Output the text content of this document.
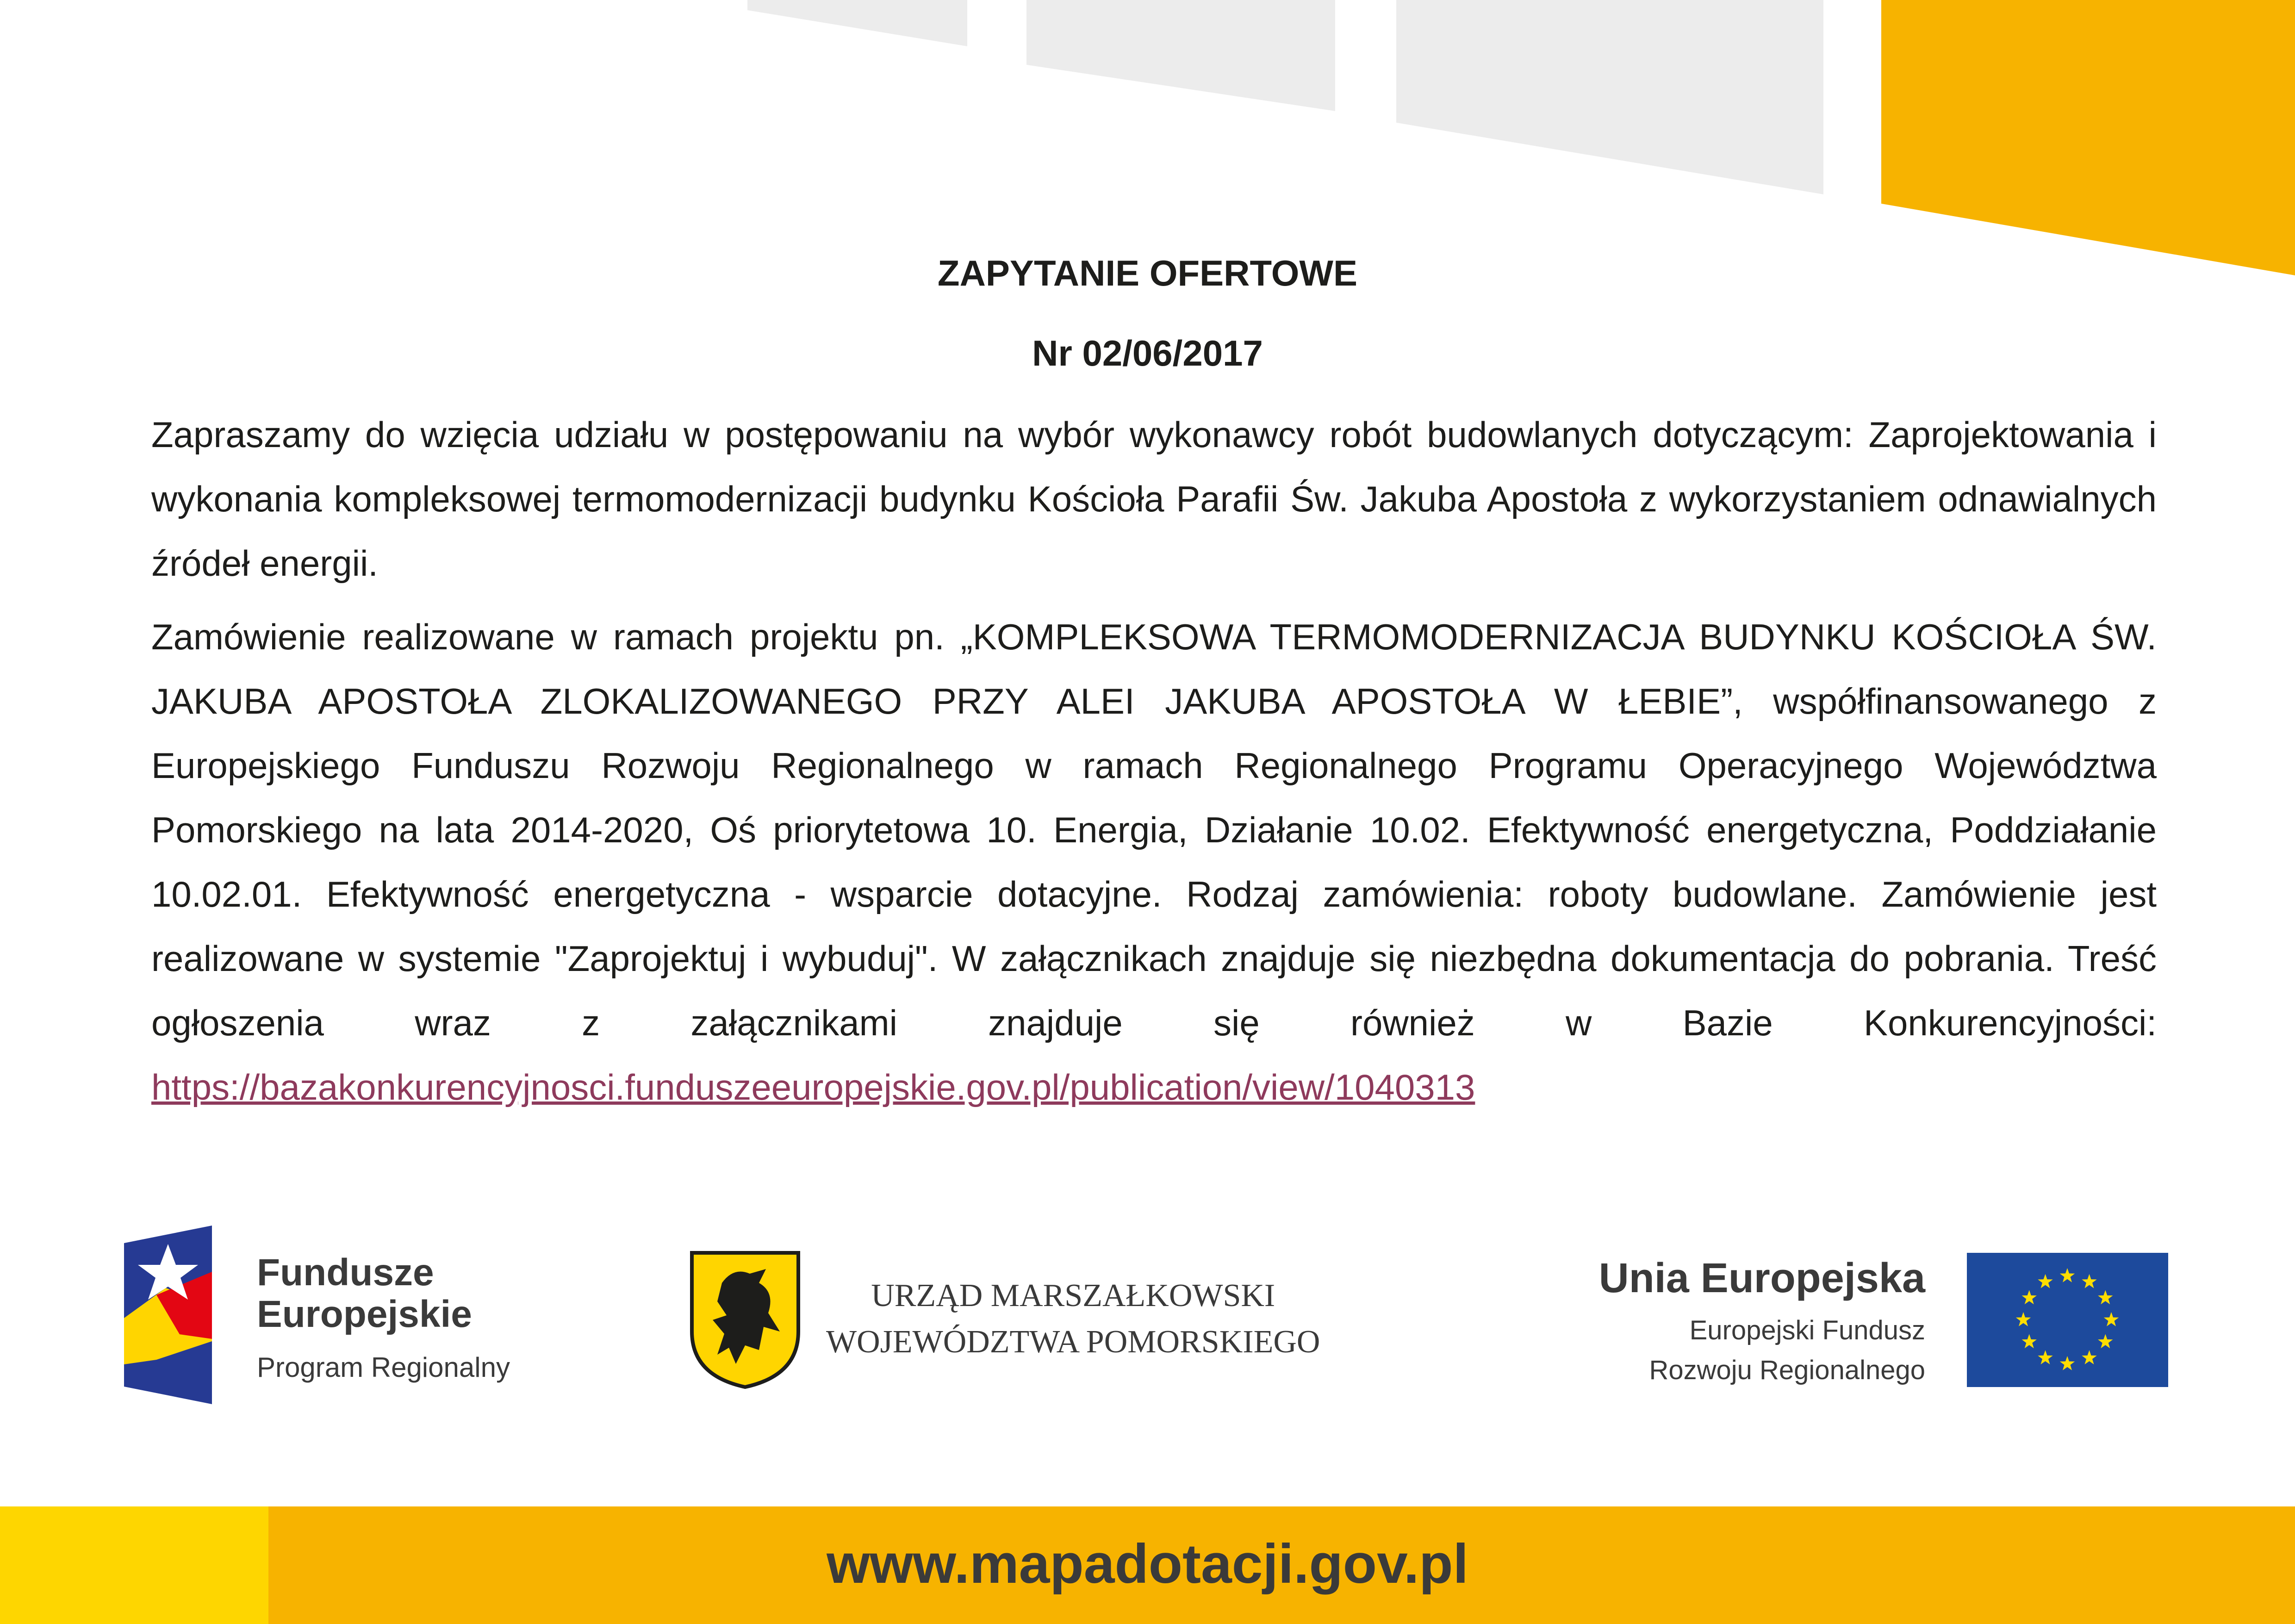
ZAPYTANIE OFERTOWE
Nr 02/06/2017

Zapraszamy do wzięcia udziału w postępowaniu na wybór wykonawcy robót budowlanych dotyczącym: Zaprojektowania i wykonania kompleksowej termomodernizacji budynku Kościoła Parafii Św. Jakuba Apostoła z wykorzystaniem odnawialnych źródeł energii.

Zamówienie realizowane w ramach projektu pn. „KOMPLEKSOWA TERMOMODERNIZACJA BUDYNKU KOŚCIOŁA ŚW. JAKUBA APOSTOŁA ZLOKALIZOWANEGO PRZY ALEI JAKUBA APOSTOŁA W ŁEBIE”, współfinansowanego z Europejskiego Funduszu Rozwoju Regionalnego w ramach Regionalnego Programu Operacyjnego Województwa Pomorskiego na lata 2014-2020, Oś priorytetowa 10. Energia, Działanie 10.02. Efektywność energetyczna, Poddziałanie 10.02.01. Efektywność energetyczna - wsparcie dotacyjne. Rodzaj zamówienia: roboty budowlane. Zamówienie jest realizowane w systemie "Zaprojektuj i wybuduj". W załącznikach znajduje się niezbędna dokumentacja do pobrania. Treść ogłoszenia wraz z załącznikami znajduje się również w Bazie Konkurencyjności: https://bazakonkurencyjnosci.funduszeeuropejskie.gov.pl/publication/view/1040313

Fundusze
Europejskie
Program Regionalny
URZĄD MARSZAŁKOWSKI
WOJEWÓDZTWA POMORSKIEGO
Unia Europejska
Europejski Fundusz
Rozwoju Regionalnego
www.mapadotacji.gov.pl
